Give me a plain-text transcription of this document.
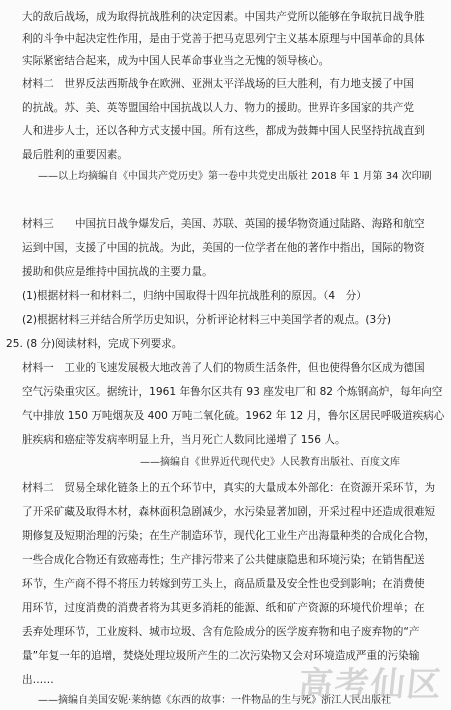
大的敌后战场，成为取得抗战胜利的决定因素。中国共产党所以能够在争取抗日战争胜
利的斗争中起决定性作用，是由于党善于把马克思列宁主义基本原理与中国革命的具体
实际紧密结合起来，成为中国人民革命事业当之无愧的领导核心。
材料二　世界反法西斯战争在欧洲、亚洲太平洋战场的巨大胜利，有力地支援了中国
的抗战。苏、美、英等盟国给中国抗战以人力、物力的援助。世界许多国家的共产党
人和进步人士，还以各种方式支援中国。所有这些，都成为鼓舞中国人民坚持抗战直到
最后胜利的重要因素。
——以上均摘编自《中国共产党历史》第一卷中共党史出版社 2018 年 1 月第 34 次印刷
材料三　　中国抗日战争爆发后，美国、苏联、英国的援华物资通过陆路、海路和航空
运到中国，支援了中国的抗战。为此，美国的一位学者在他的著作中指出，国际的物资
援助和供应是维持中国抗战的主要力量。
(1)根据材料一和材料二，归纳中国取得十四年抗战胜利的原因。（4　分）
(2)根据材料三并结合所学历史知识，分析评论材料三中美国学者的观点。(3分)
25. (8 分)阅读材料，完成下列要求。
材料一　工业的飞速发展极大地改善了人们的物质生活条件，但也使得鲁尔区成为德国
空气污染重灾区。据统计，1961 年鲁尔区共有 93 座发电厂和 82 个炼钢高炉，每年向空
气中排放 150 万吨烟灰及 400 万吨二氧化硫。1962 年 12 月，鲁尔区居民呼吸道疾病心
脏疾病和癌症等发病率明显上升，当月死亡人数同比递增了 156 人。
——摘编自《世界近代现代史》人民教育出版社、百度文库
材料二　贸易全球化链条上的五个环节中，真实的大量成本外部化：在资源开采环节，为
了开采矿藏及取得木材，森林面积急剧减少，水污染显著加剧，开采过程中还造成很难短
期修复及短期治理的污染；在生产制造环节，现代化工业生产出海量种类的合成化合物，
一些合成化合物还有致癌毒性；生产排污带来了公共健康隐患和环境污染；在销售配送
环节，生产商不得不将压力转嫁到劳工头上，商品质量及安全性也受到影响；在消费使
用环节，过度消费的消费者将为其更多消耗的能源、纸和矿产资源的环境代价埋单；在
丢弃处理环节，工业废料、城市垃圾、含有危险成分的医学废弃物和电子废弃物的“产
量”年复一年的追增，焚烧处理垃圾所产生的二次污染物又会对环境造成严重的污染输
出……
——摘编自美国安妮·莱纳德《东西的故事：一件物品的生与死》浙江人民出版社
高考仙区
